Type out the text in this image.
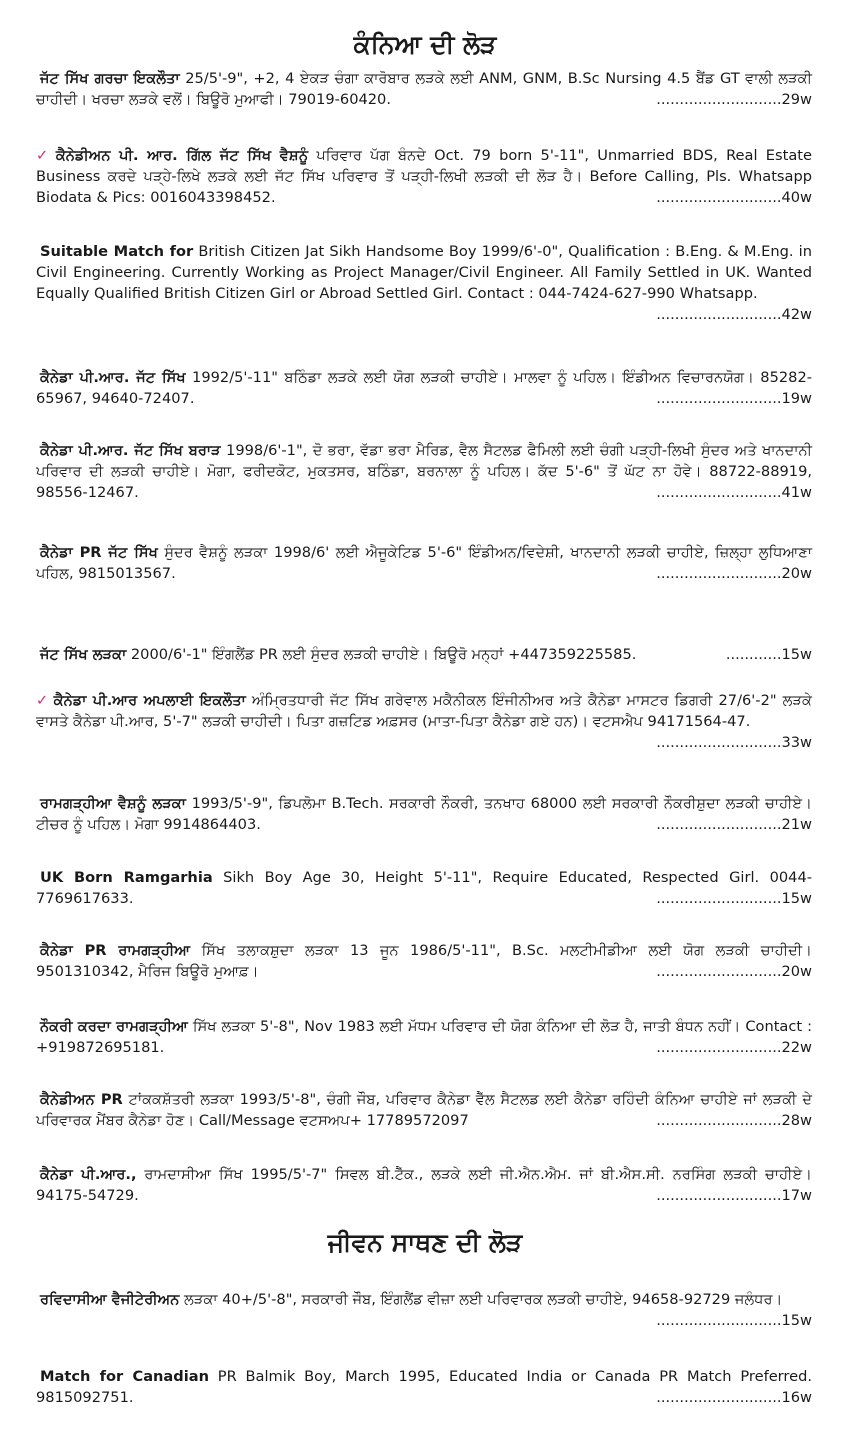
ਕੰਨਿਆ ਦੀ ਲੋੜ
ਜੱਟ ਸਿੱਖ ਗਰਚਾ ਇਕਲੌਤਾ 25/5'-9", +2, 4 ਏਕੜ ਚੰਗਾ ਕਾਰੋਬਾਰ ਲੜਕੇ ਲਈ ANM, GNM, B.Sc Nursing 4.5 ਬੈਂਡ GT ਵਾਲੀ ਲੜਕੀ ਚਾਹੀਦੀ। ਖਰਚਾ ਲੜਕੇ ਵਲੋਂ। ਬਿਊਰੋ ਮੁਆਫੀ। 79019-60420.	...........................29w
✓ ਕੈਨੇਡੀਅਨ ਪੀ. ਆਰ. ਗਿੱਲ ਜੱਟ ਸਿੱਖ ਵੈਸ਼ਨੂੰ ਪਰਿਵਾਰ ਪੱਗ ਬੰਨਦੇ Oct. 79 born 5'-11", Unmarried BDS, Real Estate Business ਕਰਦੇ ਪੜ੍ਹੇ-ਲਿਖੇ ਲੜਕੇ ਲਈ ਜੱਟ ਸਿੱਖ ਪਰਿਵਾਰ ਤੋਂ ਪੜ੍ਹੀ-ਲਿਖੀ ਲੜਕੀ ਦੀ ਲੋੜ ਹੈ। Before Calling, Pls. Whatsapp Biodata & Pics: 0016043398452.	...........................40w
Suitable Match for British Citizen Jat Sikh Handsome Boy 1999/6'-0", Qualification : B.Eng. & M.Eng. in Civil Engineering. Currently Working as Project Manager/Civil Engineer. All Family Settled in UK. Wanted Equally Qualified British Citizen Girl or Abroad Settled Girl. Contact : 044-7424-627-990 Whatsapp.
...........................42w
ਕੈਨੇਡਾ ਪੀ.ਆਰ. ਜੱਟ ਸਿੱਖ 1992/5'-11" ਬਠਿੰਡਾ ਲੜਕੇ ਲਈ ਯੋਗ ਲੜਕੀ ਚਾਹੀਏ। ਮਾਲਵਾ ਨੂੰ ਪਹਿਲ। ਇੰਡੀਅਨ ਵਿਚਾਰਨਯੋਗ। 85282-65967, 94640-72407.	...........................19w
ਕੈਨੇਡਾ ਪੀ.ਆਰ. ਜੱਟ ਸਿੱਖ ਬਰਾੜ 1998/6'-1", ਦੋ ਭਰਾ, ਵੱਡਾ ਭਰਾ ਮੈਰਿਡ, ਵੈਲ ਸੈਟਲਡ ਫੈਮਿਲੀ ਲਈ ਚੰਗੀ ਪੜ੍ਹੀ-ਲਿਖੀ ਸੁੰਦਰ ਅਤੇ ਖਾਨਦਾਨੀ ਪਰਿਵਾਰ ਦੀ ਲੜਕੀ ਚਾਹੀਏ। ਮੋਗਾ, ਫਰੀਦਕੋਟ, ਮੁਕਤਸਰ, ਬਠਿੰਡਾ, ਬਰਨਾਲਾ ਨੂੰ ਪਹਿਲ। ਕੱਦ 5'-6" ਤੋਂ ਘੱਟ ਨਾ ਹੋਵੇ। 88722-88919, 98556-12467.	...........................41w
ਕੈਨੇਡਾ PR ਜੱਟ ਸਿੱਖ ਸੁੰਦਰ ਵੈਸ਼ਨੂੰ ਲੜਕਾ 1998/6' ਲਈ ਐਜੂਕੇਟਿਡ 5'-6" ਇੰਡੀਅਨ/ਵਿਦੇਸ਼ੀ, ਖਾਨਦਾਨੀ ਲੜਕੀ ਚਾਹੀਏ, ਜ਼ਿਲ੍ਹਾ ਲੁਧਿਆਣਾ ਪਹਿਲ, 9815013567.	...........................20w
ਜੱਟ ਸਿੱਖ ਲੜਕਾ 2000/6'-1" ਇੰਗਲੈਂਡ PR ਲਈ ਸੁੰਦਰ ਲੜਕੀ ਚਾਹੀਏ। ਬਿਊਰੋ ਮਨ੍ਹਾਂ +447359225585.	............15w
✓ ਕੈਨੇਡਾ ਪੀ.ਆਰ ਅਪਲਾਈ ਇਕਲੌਤਾ ਅੰਮ੍ਰਿਤਧਾਰੀ ਜੱਟ ਸਿੱਖ ਗਰੇਵਾਲ ਮਕੈਨੀਕਲ ਇੰਜੀਨੀਅਰ ਅਤੇ ਕੈਨੇਡਾ ਮਾਸਟਰ ਡਿਗਰੀ 27/6'-2" ਲੜਕੇ ਵਾਸਤੇ ਕੈਨੇਡਾ ਪੀ.ਆਰ, 5'-7" ਲੜਕੀ ਚਾਹੀਦੀ। ਪਿਤਾ ਗਜ਼ਟਿਡ ਅਫ਼ਸਰ (ਮਾਤਾ-ਪਿਤਾ ਕੈਨੇਡਾ ਗਏ ਹਨ)। ਵਟਸਐਪ 94171564-47.
...........................33w
ਰਾਮਗੜ੍ਹੀਆ ਵੈਸ਼ਨੂੰ ਲੜਕਾ 1993/5'-9", ਡਿਪਲੋਮਾ B.Tech. ਸਰਕਾਰੀ ਨੌਕਰੀ, ਤਨਖਾਹ 68000 ਲਈ ਸਰਕਾਰੀ ਨੌਕਰੀਸ਼ੁਦਾ ਲੜਕੀ ਚਾਹੀਏ। ਟੀਚਰ ਨੂੰ ਪਹਿਲ। ਮੋਗਾ 9914864403.	...........................21w
UK Born Ramgarhia Sikh Boy Age 30, Height 5'-11", Require Educated, Respected Girl. 0044-7769617633.	...........................15w
ਕੈਨੇਡਾ PR ਰਾਮਗੜ੍ਹੀਆ ਸਿੱਖ ਤਲਾਕਸ਼ੁਦਾ ਲੜਕਾ 13 ਜੂਨ 1986/5'-11", B.Sc. ਮਲਟੀਮੀਡੀਆ ਲਈ ਯੋਗ ਲੜਕੀ ਚਾਹੀਦੀ। 9501310342, ਮੈਰਿਜ ਬਿਊਰੋ ਮੁਆਫ਼।	...........................20w
ਨੌਕਰੀ ਕਰਦਾ ਰਾਮਗੜ੍ਹੀਆ ਸਿੱਖ ਲੜਕਾ 5'-8", Nov 1983 ਲਈ ਮੱਧਮ ਪਰਿਵਾਰ ਦੀ ਯੋਗ ਕੰਨਿਆ ਦੀ ਲੋੜ ਹੈ, ਜਾਤੀ ਬੰਧਨ ਨਹੀਂ। Contact : +919872695181.	...........................22w
ਕੈਨੇਡੀਅਨ PR ਟਾਂਕਕਸ਼ੱਤਰੀ ਲੜਕਾ 1993/5'-8", ਚੰਗੀ ਜੌਬ, ਪਰਿਵਾਰ ਕੈਨੇਡਾ ਵੈੱਲ ਸੈਟਲਡ ਲਈ ਕੈਨੇਡਾ ਰਹਿੰਦੀ ਕੰਨਿਆ ਚਾਹੀਏ ਜਾਂ ਲੜਕੀ ਦੇ ਪਰਿਵਾਰਕ ਮੈਂਬਰ ਕੈਨੇਡਾ ਹੋਣ। Call/Message ਵਟਸਅਪ+ 17789572097	...........................28w
ਕੈਨੇਡਾ ਪੀ.ਆਰ., ਰਾਮਦਾਸੀਆ ਸਿੱਖ 1995/5'-7" ਸਿਵਲ ਬੀ.ਟੈੱਕ., ਲੜਕੇ ਲਈ ਜੀ.ਐਨ.ਐਮ. ਜਾਂ ਬੀ.ਐਸ.ਸੀ. ਨਰਸਿੰਗ ਲੜਕੀ ਚਾਹੀਏ। 94175-54729.	...........................17w
ਜੀਵਨ ਸਾਥਣ ਦੀ ਲੋੜ
ਰਵਿਦਾਸੀਆ ਵੈਜੀਟੇਰੀਅਨ ਲੜਕਾ 40+/5'-8", ਸਰਕਾਰੀ ਜੌਬ, ਇੰਗਲੈਂਡ ਵੀਜ਼ਾ ਲਈ ਪਰਿਵਾਰਕ ਲੜਕੀ ਚਾਹੀਏ, 94658-92729 ਜਲੰਧਰ।
...........................15w
Match for Canadian PR Balmik Boy, March 1995, Educated India or Canada PR Match Preferred. 9815092751.	...........................16w
